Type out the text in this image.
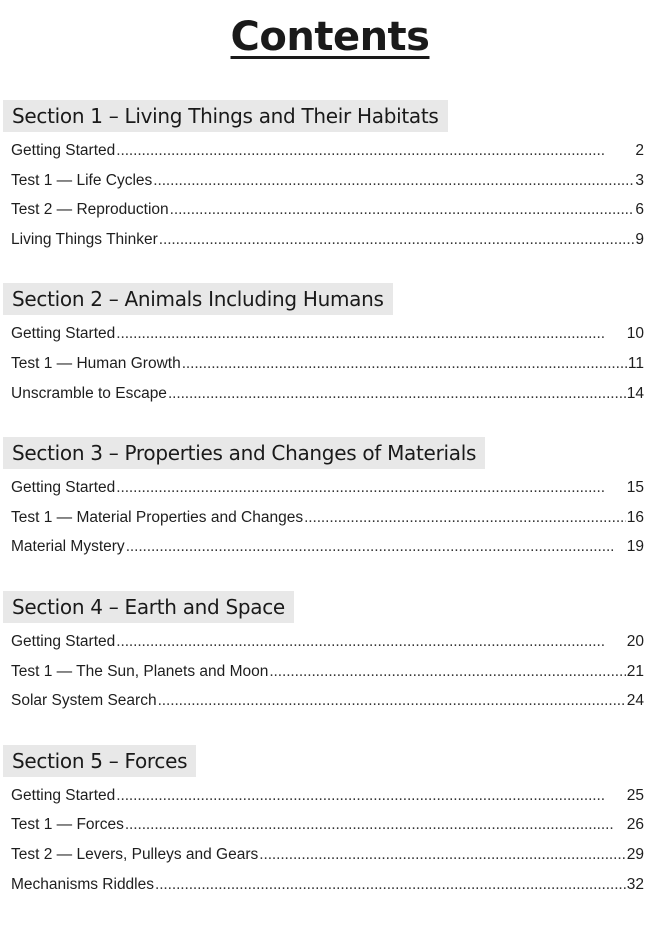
Contents
Section 1 – Living Things and Their Habitats
Getting Started . . .	2
Test 1 — Life Cycles . . .	3
Test 2 — Reproduction . . .	6
Living Things Thinker . . .	9
Section 2 – Animals Including Humans
Getting Started . . .	10
Test 1 — Human Growth . . .	11
Unscramble to Escape . . .	14
Section 3 – Properties and Changes of Materials
Getting Started . . .	15
Test 1 — Material Properties and Changes . . .	16
Material Mystery . . .	19
Section 4 – Earth and Space
Getting Started . . .	20
Test 1 — The Sun, Planets and Moon . . .	21
Solar System Search . . .	24
Section 5 – Forces
Getting Started . . .	25
Test 1 — Forces . . .	26
Test 2 — Levers, Pulleys and Gears . . .	29
Mechanisms Riddles . . .	32
